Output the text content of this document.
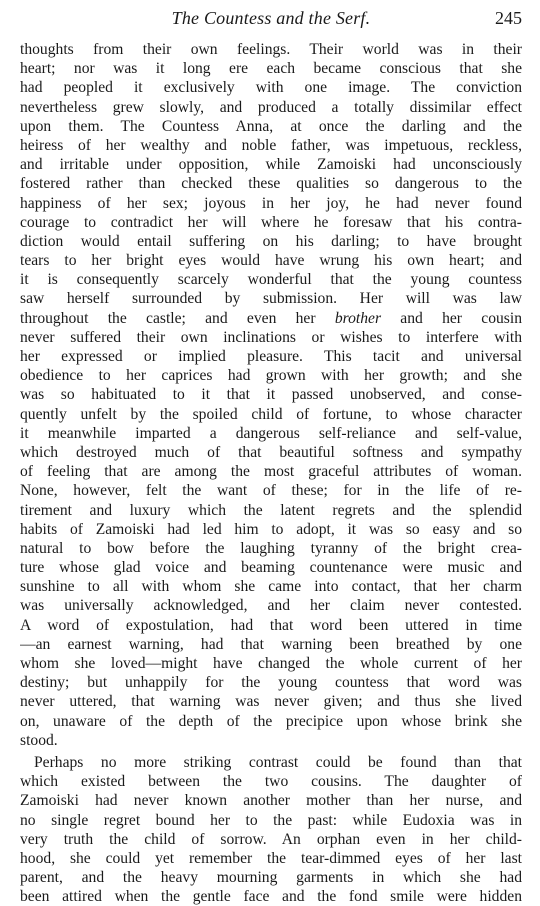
The Countess and the Serf.	245
thoughts from their own feelings. Their world was in their
heart; nor was it long ere each became conscious that she
had peopled it exclusively with one image. The conviction
nevertheless grew slowly, and produced a totally dissimilar effect
upon them. The Countess Anna, at once the darling and the
heiress of her wealthy and noble father, was impetuous, reckless,
and irritable under opposition, while Zamoiski had unconsciously
fostered rather than checked these qualities so dangerous to the
happiness of her sex; joyous in her joy, he had never found
courage to contradict her will where he foresaw that his contra-
diction would entail suffering on his darling; to have brought
tears to her bright eyes would have wrung his own heart; and
it is consequently scarcely wonderful that the young countess
saw herself surrounded by submission. Her will was law
throughout the castle; and even her brother and her cousin
never suffered their own inclinations or wishes to interfere with
her expressed or implied pleasure. This tacit and universal
obedience to her caprices had grown with her growth; and she
was so habituated to it that it passed unobserved, and conse-
quently unfelt by the spoiled child of fortune, to whose character
it meanwhile imparted a dangerous self-reliance and self-value,
which destroyed much of that beautiful softness and sympathy
of feeling that are among the most graceful attributes of woman.
None, however, felt the want of these; for in the life of re-
tirement and luxury which the latent regrets and the splendid
habits of Zamoiski had led him to adopt, it was so easy and so
natural to bow before the laughing tyranny of the bright crea-
ture whose glad voice and beaming countenance were music and
sunshine to all with whom she came into contact, that her charm
was universally acknowledged, and her claim never contested.
A word of expostulation, had that word been uttered in time
—an earnest warning, had that warning been breathed by one
whom she loved—might have changed the whole current of her
destiny; but unhappily for the young countess that word was
never uttered, that warning was never given; and thus she lived
on, unaware of the depth of the precipice upon whose brink she
stood.
Perhaps no more striking contrast could be found than that
which existed between the two cousins. The daughter of
Zamoiski had never known another mother than her nurse, and
no single regret bound her to the past: while Eudoxia was in
very truth the child of sorrow. An orphan even in her child-
hood, she could yet remember the tear-dimmed eyes of her last
parent, and the heavy mourning garments in which she had
been attired when the gentle face and the fond smile were hidden
